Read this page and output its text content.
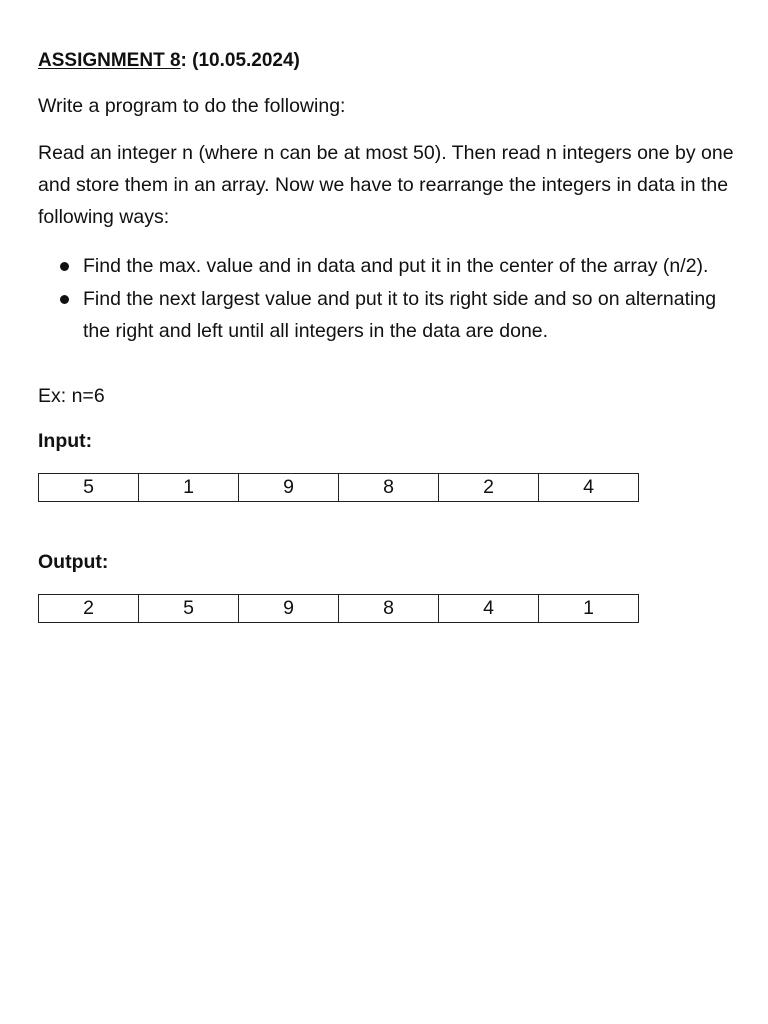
ASSIGNMENT 8: (10.05.2024)
Write a program to do the following:
Read an integer n (where n can be at most 50). Then read n integers one by one and store them in an array. Now we have to rearrange the integers in data in the following ways:
Find the max. value and in data and put it in the center of the array (n/2).
Find the next largest value and put it to its right side and so on alternating the right and left until all integers in the data are done.
Ex: n=6
Input:
5	1	9	8	2	4
Output:
2	5	9	8	4	1
